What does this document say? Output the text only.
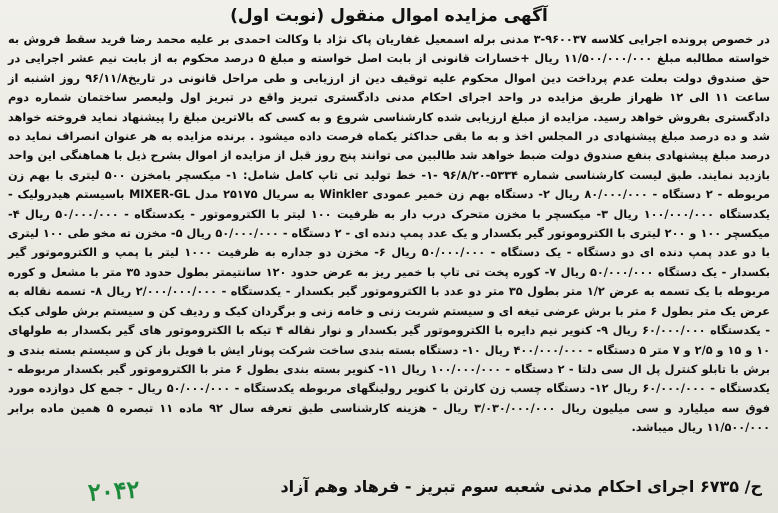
آگهی مزایده اموال منقول (نوبت اول)

در خصوص پرونده اجرایی کلاسه ۹۶۰۰۳۷-۳ مدنی برله اسمعیل غفاریان پاک نژاد با وکالت احمدی بر علیه محمد رضا فرید سقط فروش به خواسته مطالبه مبلغ ۱۱/۵۰۰/۰۰۰/۰۰۰ ریال +خسارات قانونی از بابت اصل خواسته و مبلغ ۵ درصد محکوم به از بابت نیم عشر اجرایی در حق صندوق دولت بعلت عدم پرداخت دین اموال محکوم علیه توقیف دین از ارزیابی و طی مراحل قانونی در تاریخ۹۶/۱۱/۸ روز اشنبه از ساعت ۱۱ الی ۱۲ ظهراز طریق مزایده در واحد اجرای احکام مدنی دادگستری تبریز واقع در تبریز اول ولیعصر ساختمان شماره دوم دادگستری بفروش خواهد رسید. مزایده از مبلغ ارزیابی شده کارشناسی شروع و به کسی که بالاترین مبلغ را پیشنهاد نماید فروخته خواهد شد و ده درصد مبلغ پیشنهادی در المجلس اخذ و به ما بقی حداکثر یکماه فرصت داده میشود . برنده مزایده به هر عنوان انصراف نماید ده درصد مبلغ پیشنهادی بنفع صندوق دولت ضبط خواهد شد طالبین می توانند پنج روز قبل از مزایده از اموال بشرح ذیل با هماهنگی این واحد بازدید نمایند. طبق لیست کارشناسی شماره ۵۳۳۴-۹۶/۸/۲۰ -۱- خط تولید تی تاپ کامل شامل: ۱- میکسچر بامخزن ۵۰۰ لیتری با بهم زن مربوطه - ۲ دستگاه - ۸۰/۰۰۰/۰۰۰ ریال ۲- دستگاه بهم زن خمیر عمودی Winkler به سریال ۲۵۱۷۵ مدل MIXER-GL باسیستم هیدرولیک - یکدستگاه ۱۰۰/۰۰۰/۰۰۰ ریال ۳- میکسچر با مخزن متحرک درب دار به ظرفیت ۱۰۰ لیتر با الکتروموتور - یکدستگاه - ۵۰/۰۰۰/۰۰۰ ریال ۴- میکسچر ۱۰۰ و ۲۰۰ لیتری با الکتروموتور گیر بکسدار و یک عدد پمپ دنده ای - ۲ دستگاه - ۵۰/۰۰۰/۰۰۰ ریال ۵- مخزن ته مخو طی ۱۰۰ لیتری با دو عدد پمپ دنده ای دو دستگاه - یک دستگاه - ۵۰/۰۰۰/۰۰۰ ریال ۶- مخزن دو جداره به ظرفیت ۱۰۰۰ لیتر با پمپ و الکتروموتور گیر بکسدار - یک دستگاه ۵۰/۰۰۰/۰۰۰ ریال ۷- کوره پخت تی تاپ با خمیر ریز به عرض حدود ۱۲۰ سانتیمتر بطول حدود ۳۵ متر با مشعل و کوره مربوطه با یک تسمه به عرض ۱/۲ متر بطول ۳۵ متر دو عدد با الکتروموتور گیر بکسدار - یکدستگاه - ۲/۰۰۰/۰۰۰/۰۰۰ ریال ۸- تسمه نقاله به عرض یک متر بطول ۶ متر با برش عرضی تیغه ای و سیستم شربت زنی و خامه زنی و برگردان کیک و ردیف کن و سیستم برش طولی کیک - یکدستگاه ۶۰/۰۰۰/۰۰۰ ریال ۹- کنویر نیم دایره با الکتروموتور گیر بکسدار و نوار نقاله ۴ تیکه با الکتروموتور های گیر بکسدار به طولهای ۱۰ و ۱۵ و ۲/۵ و ۷ متر ۵ دستگاه - ۴۰۰/۰۰۰/۰۰۰ ریال ۱۰- دستگاه بسته بندی ساخت شرکت پونار ایش با فویل باز کن و سیستم بسته بندی و برش با تابلو کنترل پل ال سی دلتا - ۲ دستگاه - ۱۰۰/۰۰۰/۰۰۰ ریال ۱۱- کنویر بسته بندی بطول ۶ متر با الکتروموتور گیر بکسدار مربوطه - یکدستگاه - ۶۰/۰۰۰/۰۰۰ ریال ۱۲- دستگاه چسب زن کارتن با کنویر رولینگهای مربوطه یکدستگاه - ۵۰/۰۰۰/۰۰۰ ریال - جمع کل دوازده مورد فوق سه میلیارد و سی میلیون ریال ۳/۰۳۰/۰۰۰/۰۰۰ ریال - هزینه کارشناسی طبق تعرفه سال ۹۲ ماده ۱۱ تبصره ۵ همین ماده برابر ۱۱/۵۰۰/۰۰۰ ریال میباشد.

ح/ ۶۷۳۵ اجرای احکام مدنی شعبه سوم تبریز - فرهاد وهم آزاد
۲۰۴۲
